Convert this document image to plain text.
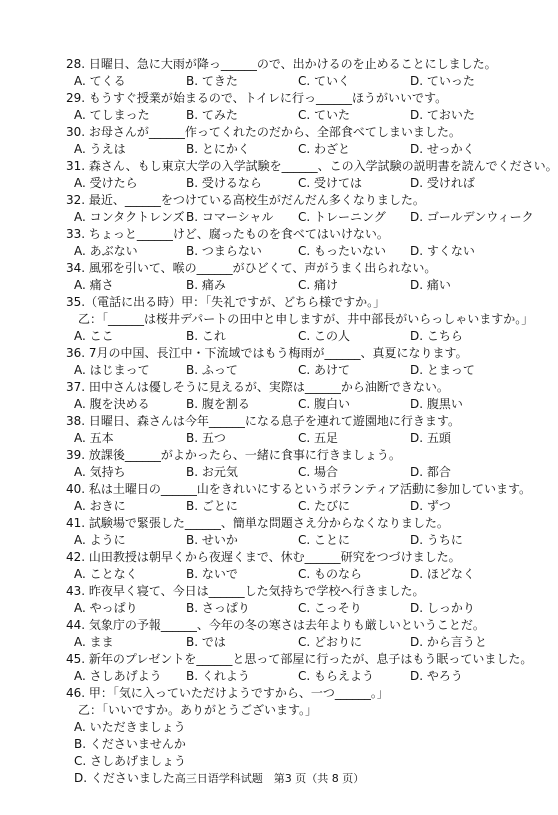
28. 日曜日、急に大雨が降っ______ので、出かけるのを止めることにしました。
A. てくる	B. てきた	C. ていく	D. ていった
29. もうすぐ授業が始まるので、トイレに行っ______ほうがいいです。
A. てしまった	B. てみた	C. ていた	D. ておいた
30. お母さんが______作ってくれたのだから、全部食べてしまいました。
A. うえは	B. とにかく	C. わざと	D. せっかく
31. 森さん、もし東京大学の入学試験を______、この入学試験の説明書を読んでください。
A. 受けたら	B. 受けるなら	C. 受けては	D. 受ければ
32. 最近、______をつけている高校生がだんだん多くなりました。
A. コンタクトレンズ B. コマーシャル	C. トレーニング	D. ゴールデンウィーク
33. ちょっと______けど、腐ったものを食べてはいけない。
A. あぶない	B. つまらない	C. もったいない	D. すくない
34. 風邪を引いて、喉の______がひどくて、声がうまく出られない。
A. 痛さ	B. 痛み	C. 痛け	D. 痛い
35.（電話に出る時）甲：「失礼ですが、どちら様ですか。」
乙：「______は桜井デパートの田中と申しますが、井中部長がいらっしゃいますか。」
A. ここ	B. これ	C. この人	D. こちら
36. 7月の中国、長江中・下流域ではもう梅雨が______、真夏になります。
A. はじまって	B. ふって	C. あけて	D. とまって
37. 田中さんは優しそうに見えるが、実際は______から油断できない。
A. 腹を決める	B. 腹を割る	C. 腹白い	D. 腹黒い
38. 日曜日、森さんは今年______になる息子を連れて遊園地に行きます。
A. 五本	B. 五つ	C. 五足	D. 五頭
39. 放課後______がよかったら、一緒に食事に行きましょう。
A. 気持ち	B. お元気	C. 場合	D. 都合
40. 私は土曜日の______山をきれいにするというボランティア活動に参加しています。
A. おきに	B. ごとに	C. たびに	D. ずつ
41. 試験場で緊張した______、簡単な問題さえ分からなくなりました。
A. ように	B. せいか	C. ことに	D. うちに
42. 山田教授は朝早くから夜遅くまで、休む______研究をつづけました。
A. ことなく	B. ないで	C. ものなら	D. ほどなく
43. 昨夜早く寝て、今日は______した気持ちで学校へ行きました。
A. やっぱり	B. さっぱり	C. こっそり	D. しっかり
44. 気象庁の予報______、今年の冬の寒さは去年よりも厳しいということだ。
A. まま	B. では	C. どおりに	D. から言うと
45. 新年のプレゼントを______と思って部屋に行ったが、息子はもう眠っていました。
A. さしあげよう	B. くれよう	C. もらえよう	D. やろう
46. 甲：「気に入っていただけようですから、一つ______。」
乙：「いいですか。ありがとうございます。」
A. いただきましょう
B. くださいませんか
C. さしあげましょう
D. くださいました 高三日语学科试题　第3 页（共 8 页）
